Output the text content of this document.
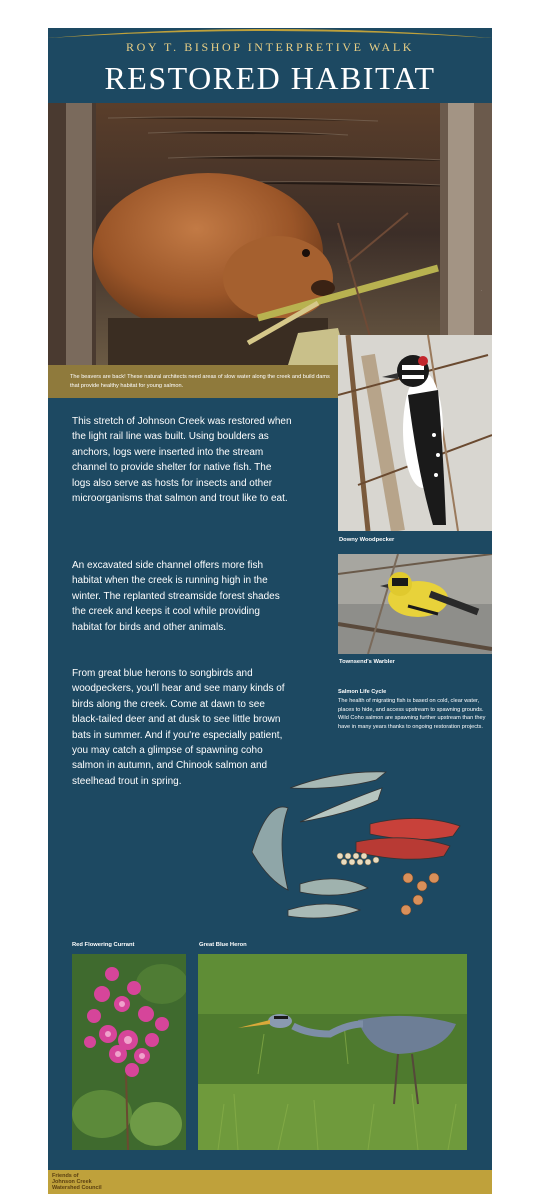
ROY T. BISHOP INTERPRETIVE WALK
RESTORED HABITAT
.

The beavers are back! These natural architects need areas of slow water along the creek and build dams that provide healthy habitat for young salmon.

Downy Woodpecker
Townsend's Warbler
Salmon Life Cycle
The health of migrating fish is based on cold, clear water, places to hide, and access upstream to spawning grounds. Wild Coho salmon are spawning further upstream than they have in many years thanks to ongoing restoration projects.

This stretch of Johnson Creek was restored when the light rail line was built. Using boulders as anchors, logs were inserted into the stream channel to provide shelter for native fish. The logs also serve as hosts for insects and other microorganisms that salmon and trout like to eat.

An excavated side channel offers more fish habitat when the creek is running high in the winter. The replanted streamside forest shades the creek and keeps it cool while providing habitat for birds and other animals.

From great blue herons to songbirds and woodpeckers, you'll hear and see many kinds of birds along the creek. Come at dawn to see black-tailed deer and at dusk to see little brown bats in summer. And if you're especially patient, you may catch a glimpse of spawning coho salmon in autumn, and Chinook salmon and steelhead trout in spring.

Red Flowering Currant	Great Blue Heron
Friends of
Johnson Creek
Watershed Council
